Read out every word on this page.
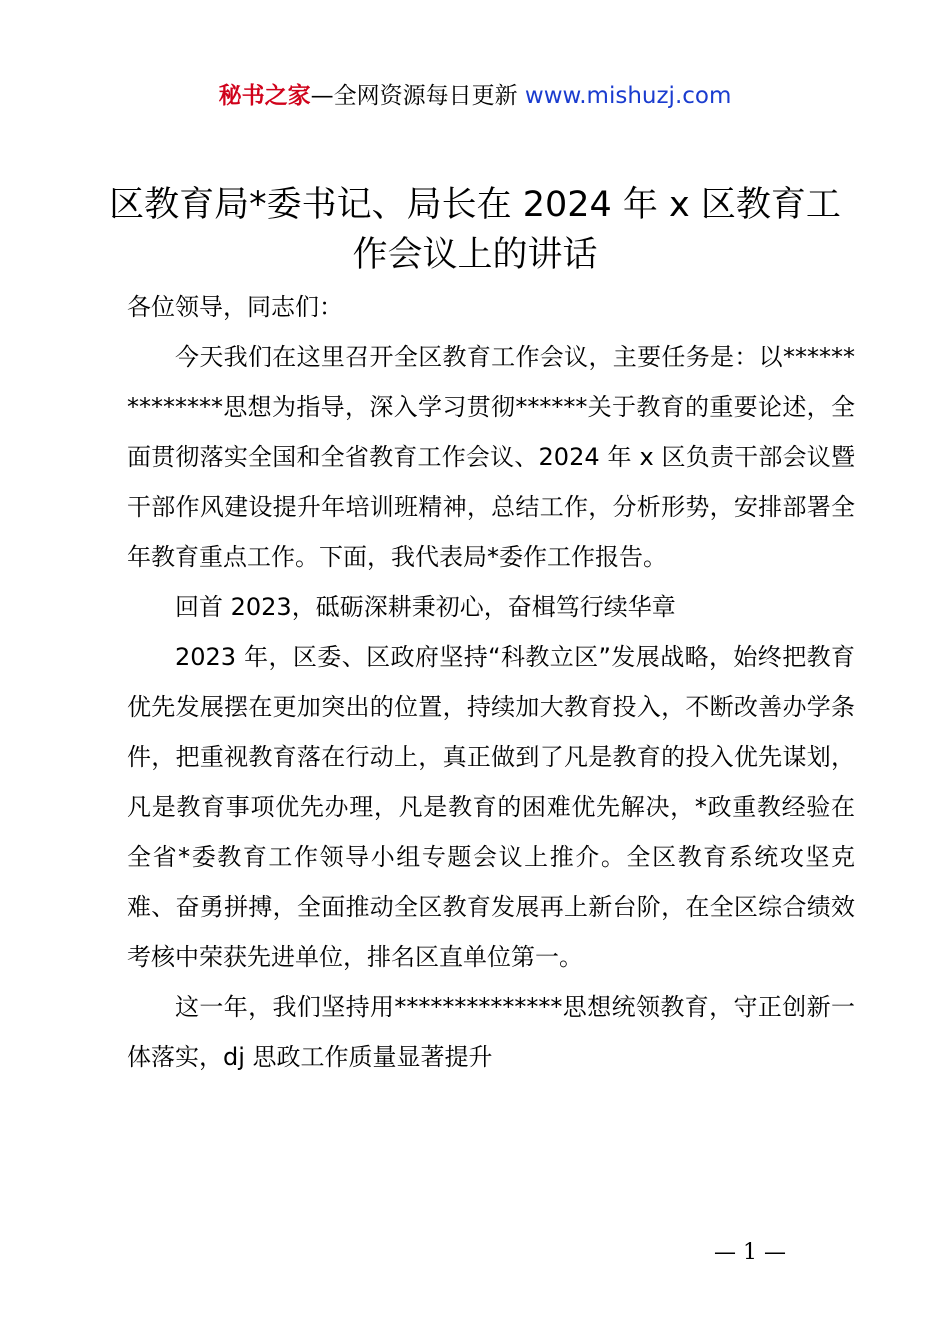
秘书之家—全网资源每日更新 www.mishuzj.com
区教育局*委书记、局长在 2024 年 x 区教育工作会议上的讲话

各位领导，同志们：

今天我们在这里召开全区教育工作会议，主要任务是：以**************思想为指导，深入学习贯彻******关于教育的重要论述，全面贯彻落实全国和全省教育工作会议、2024 年 x 区负责干部会议暨干部作风建设提升年培训班精神，总结工作，分析形势，安排部署全年教育重点工作。下面，我代表局*委作工作报告。

回首 2023，砥砺深耕秉初心，奋楫笃行续华章

2023 年，区委、区政府坚持“科教立区”发展战略，始终把教育优先发展摆在更加突出的位置，持续加大教育投入，不断改善办学条件，把重视教育落在行动上，真正做到了凡是教育的投入优先谋划，凡是教育事项优先办理，凡是教育的困难优先解决，*政重教经验在全省*委教育工作领导小组专题会议上推介。全区教育系统攻坚克难、奋勇拼搏，全面推动全区教育发展再上新台阶，在全区综合绩效考核中荣获先进单位，排名区直单位第一。

这一年，我们坚持用**************思想统领教育，守正创新一体落实，dj 思政工作质量显著提升

— 1 —
